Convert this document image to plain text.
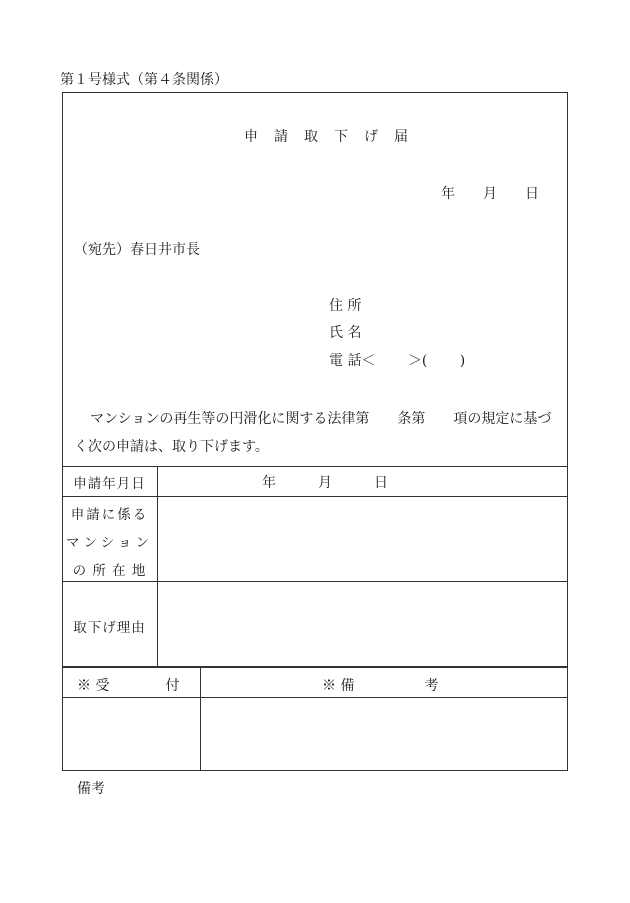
第１号様式（第４条関係）
申　請　取　下　げ　届
年　　月　　日
（宛先）春日井市長
住 所
氏 名
電 話＜　　 ＞(　　 )
マンションの再生等の円滑化に関する法律第　　条第　　項の規定に基づ
く次の申請は、取り下げます。
申請年月日	年　　　月　　　日
申請に係る
マンション
の 所 在 地
取下げ理由
※ 受　　　　付	※ 備　　　　　考
備考
